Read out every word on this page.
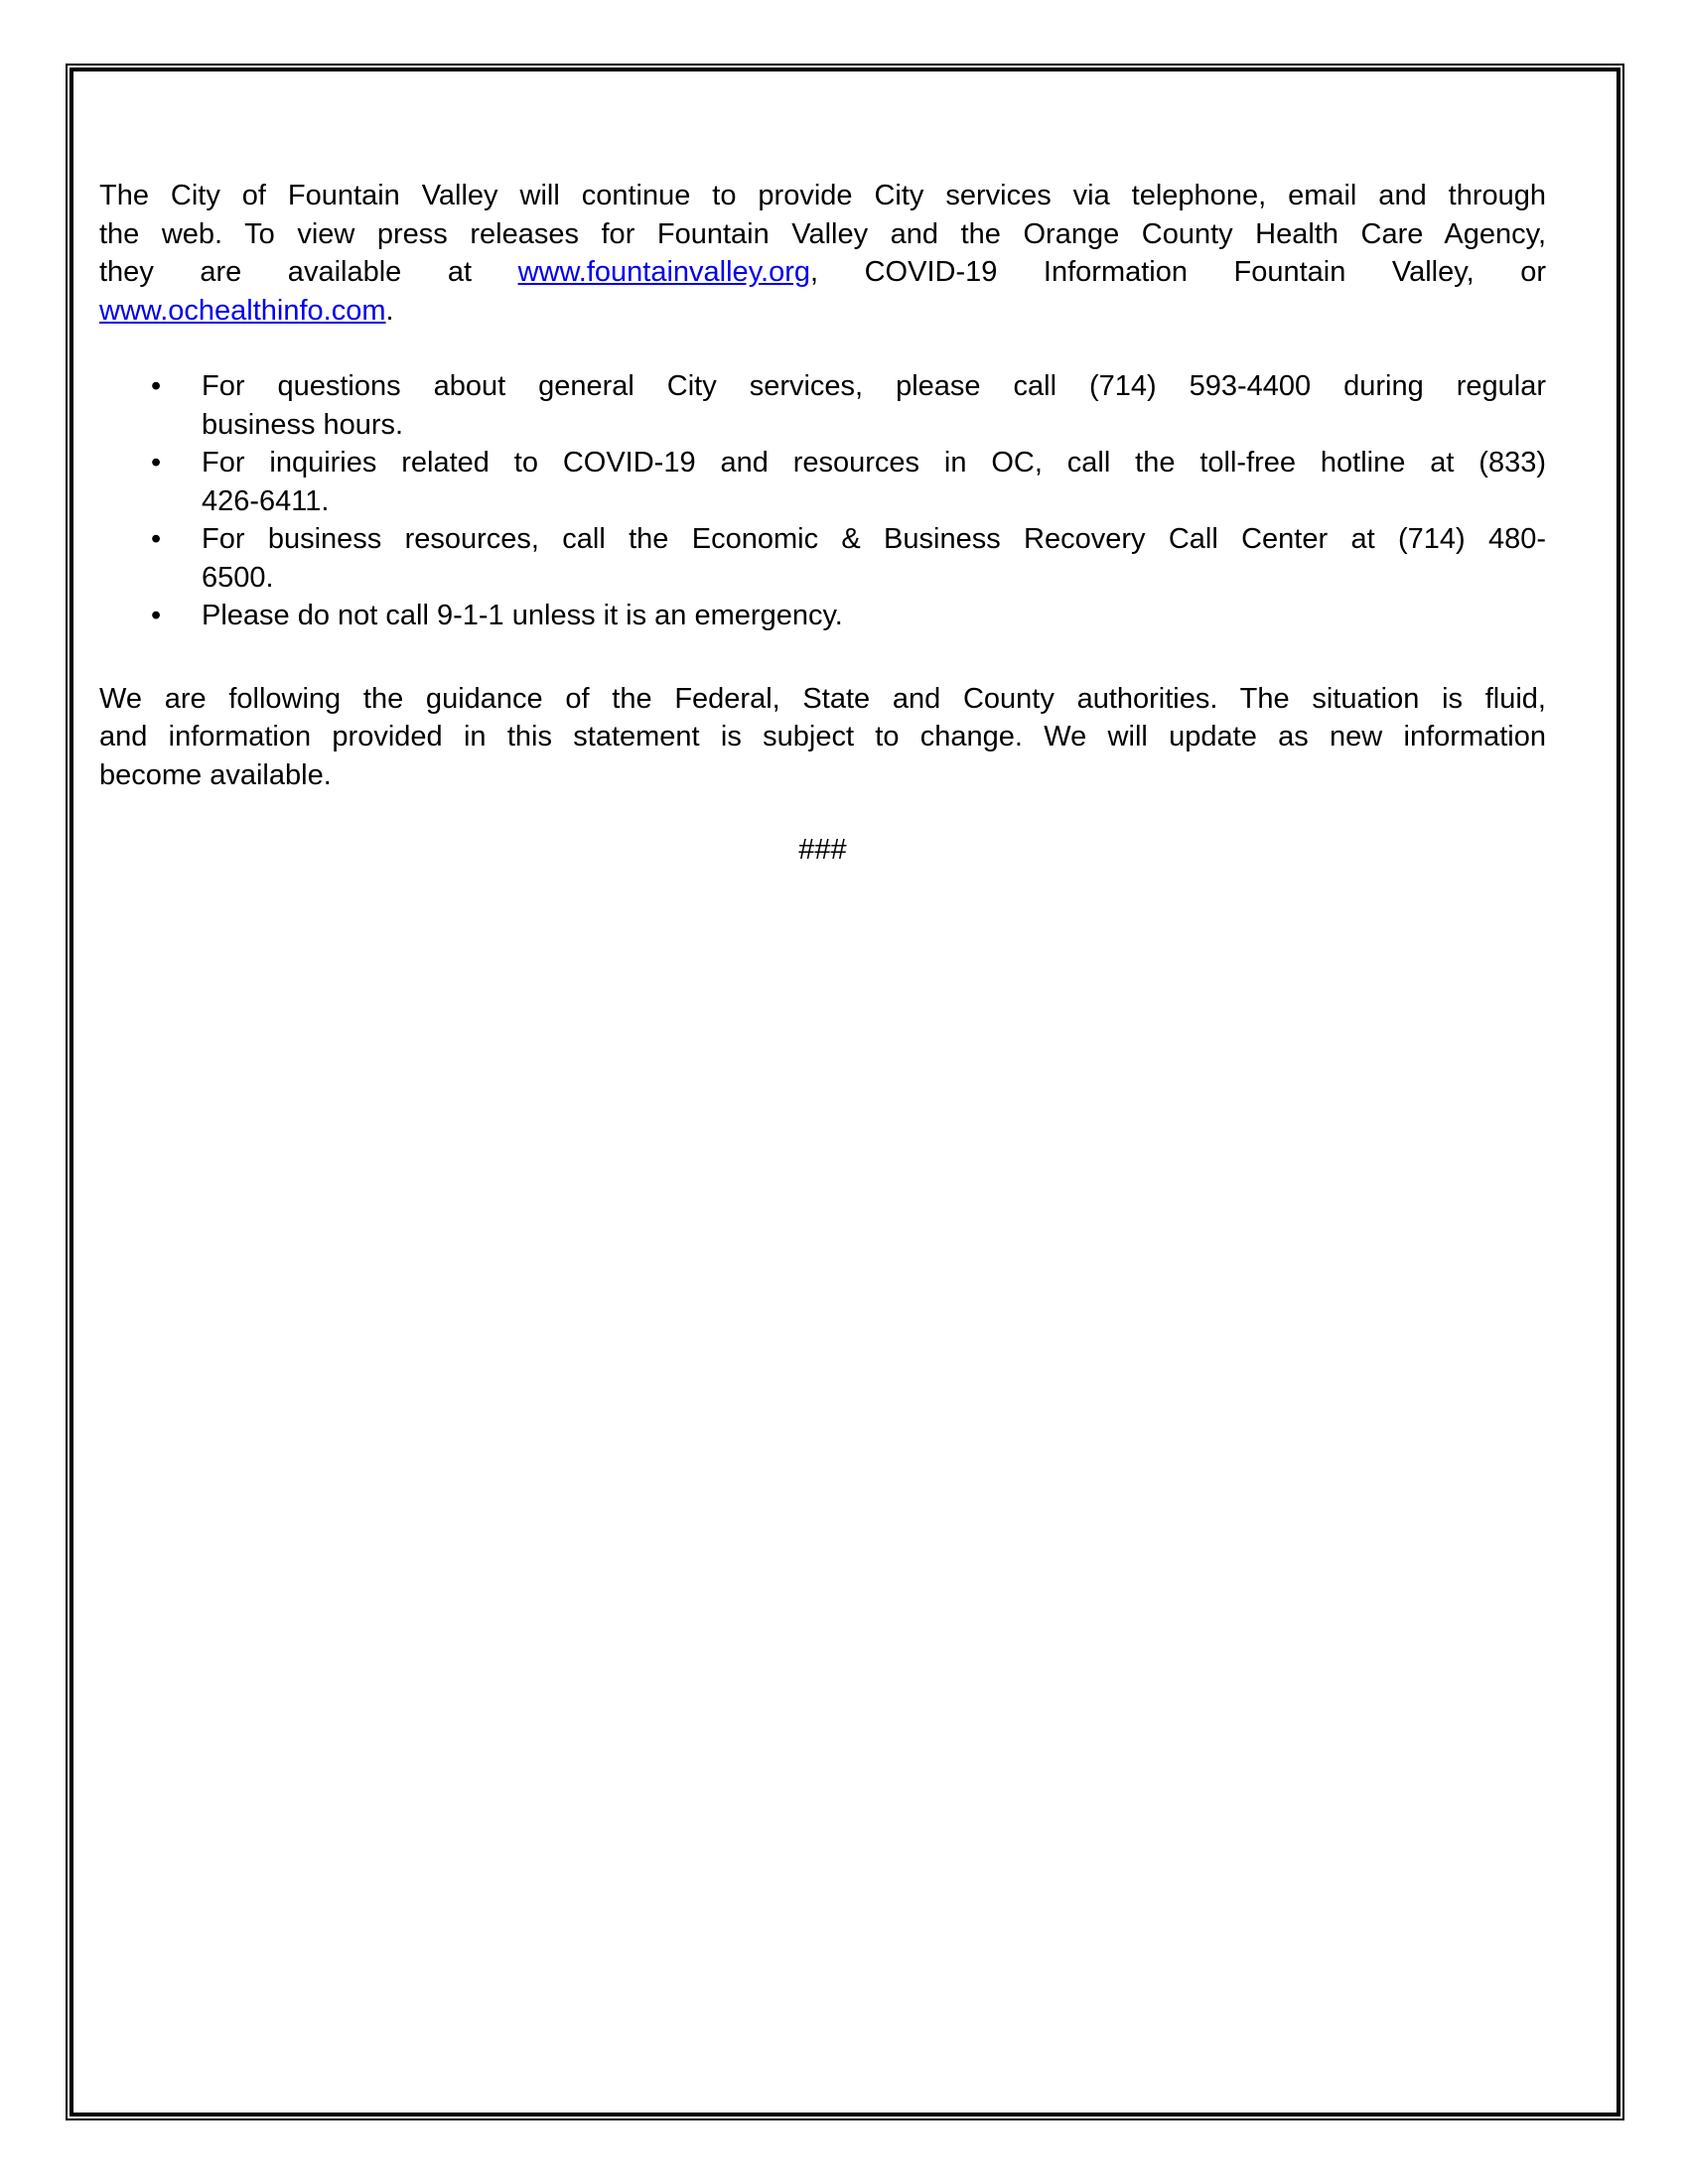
The City of Fountain Valley will continue to provide City services via telephone, email and through
the web. To view press releases for Fountain Valley and the Orange County Health Care Agency,
they are available at www.fountainvalley.org, COVID-19 Information Fountain Valley, or
www.ochealthinfo.com.
• For questions about general City services, please call (714) 593-4400 during regular
business hours.
• For inquiries related to COVID-19 and resources in OC, call the toll-free hotline at (833)
426-6411.
• For business resources, call the Economic & Business Recovery Call Center at (714) 480-
6500.
• Please do not call 9-1-1 unless it is an emergency.
We are following the guidance of the Federal, State and County authorities. The situation is fluid,
and information provided in this statement is subject to change. We will update as new information
become available.
###
